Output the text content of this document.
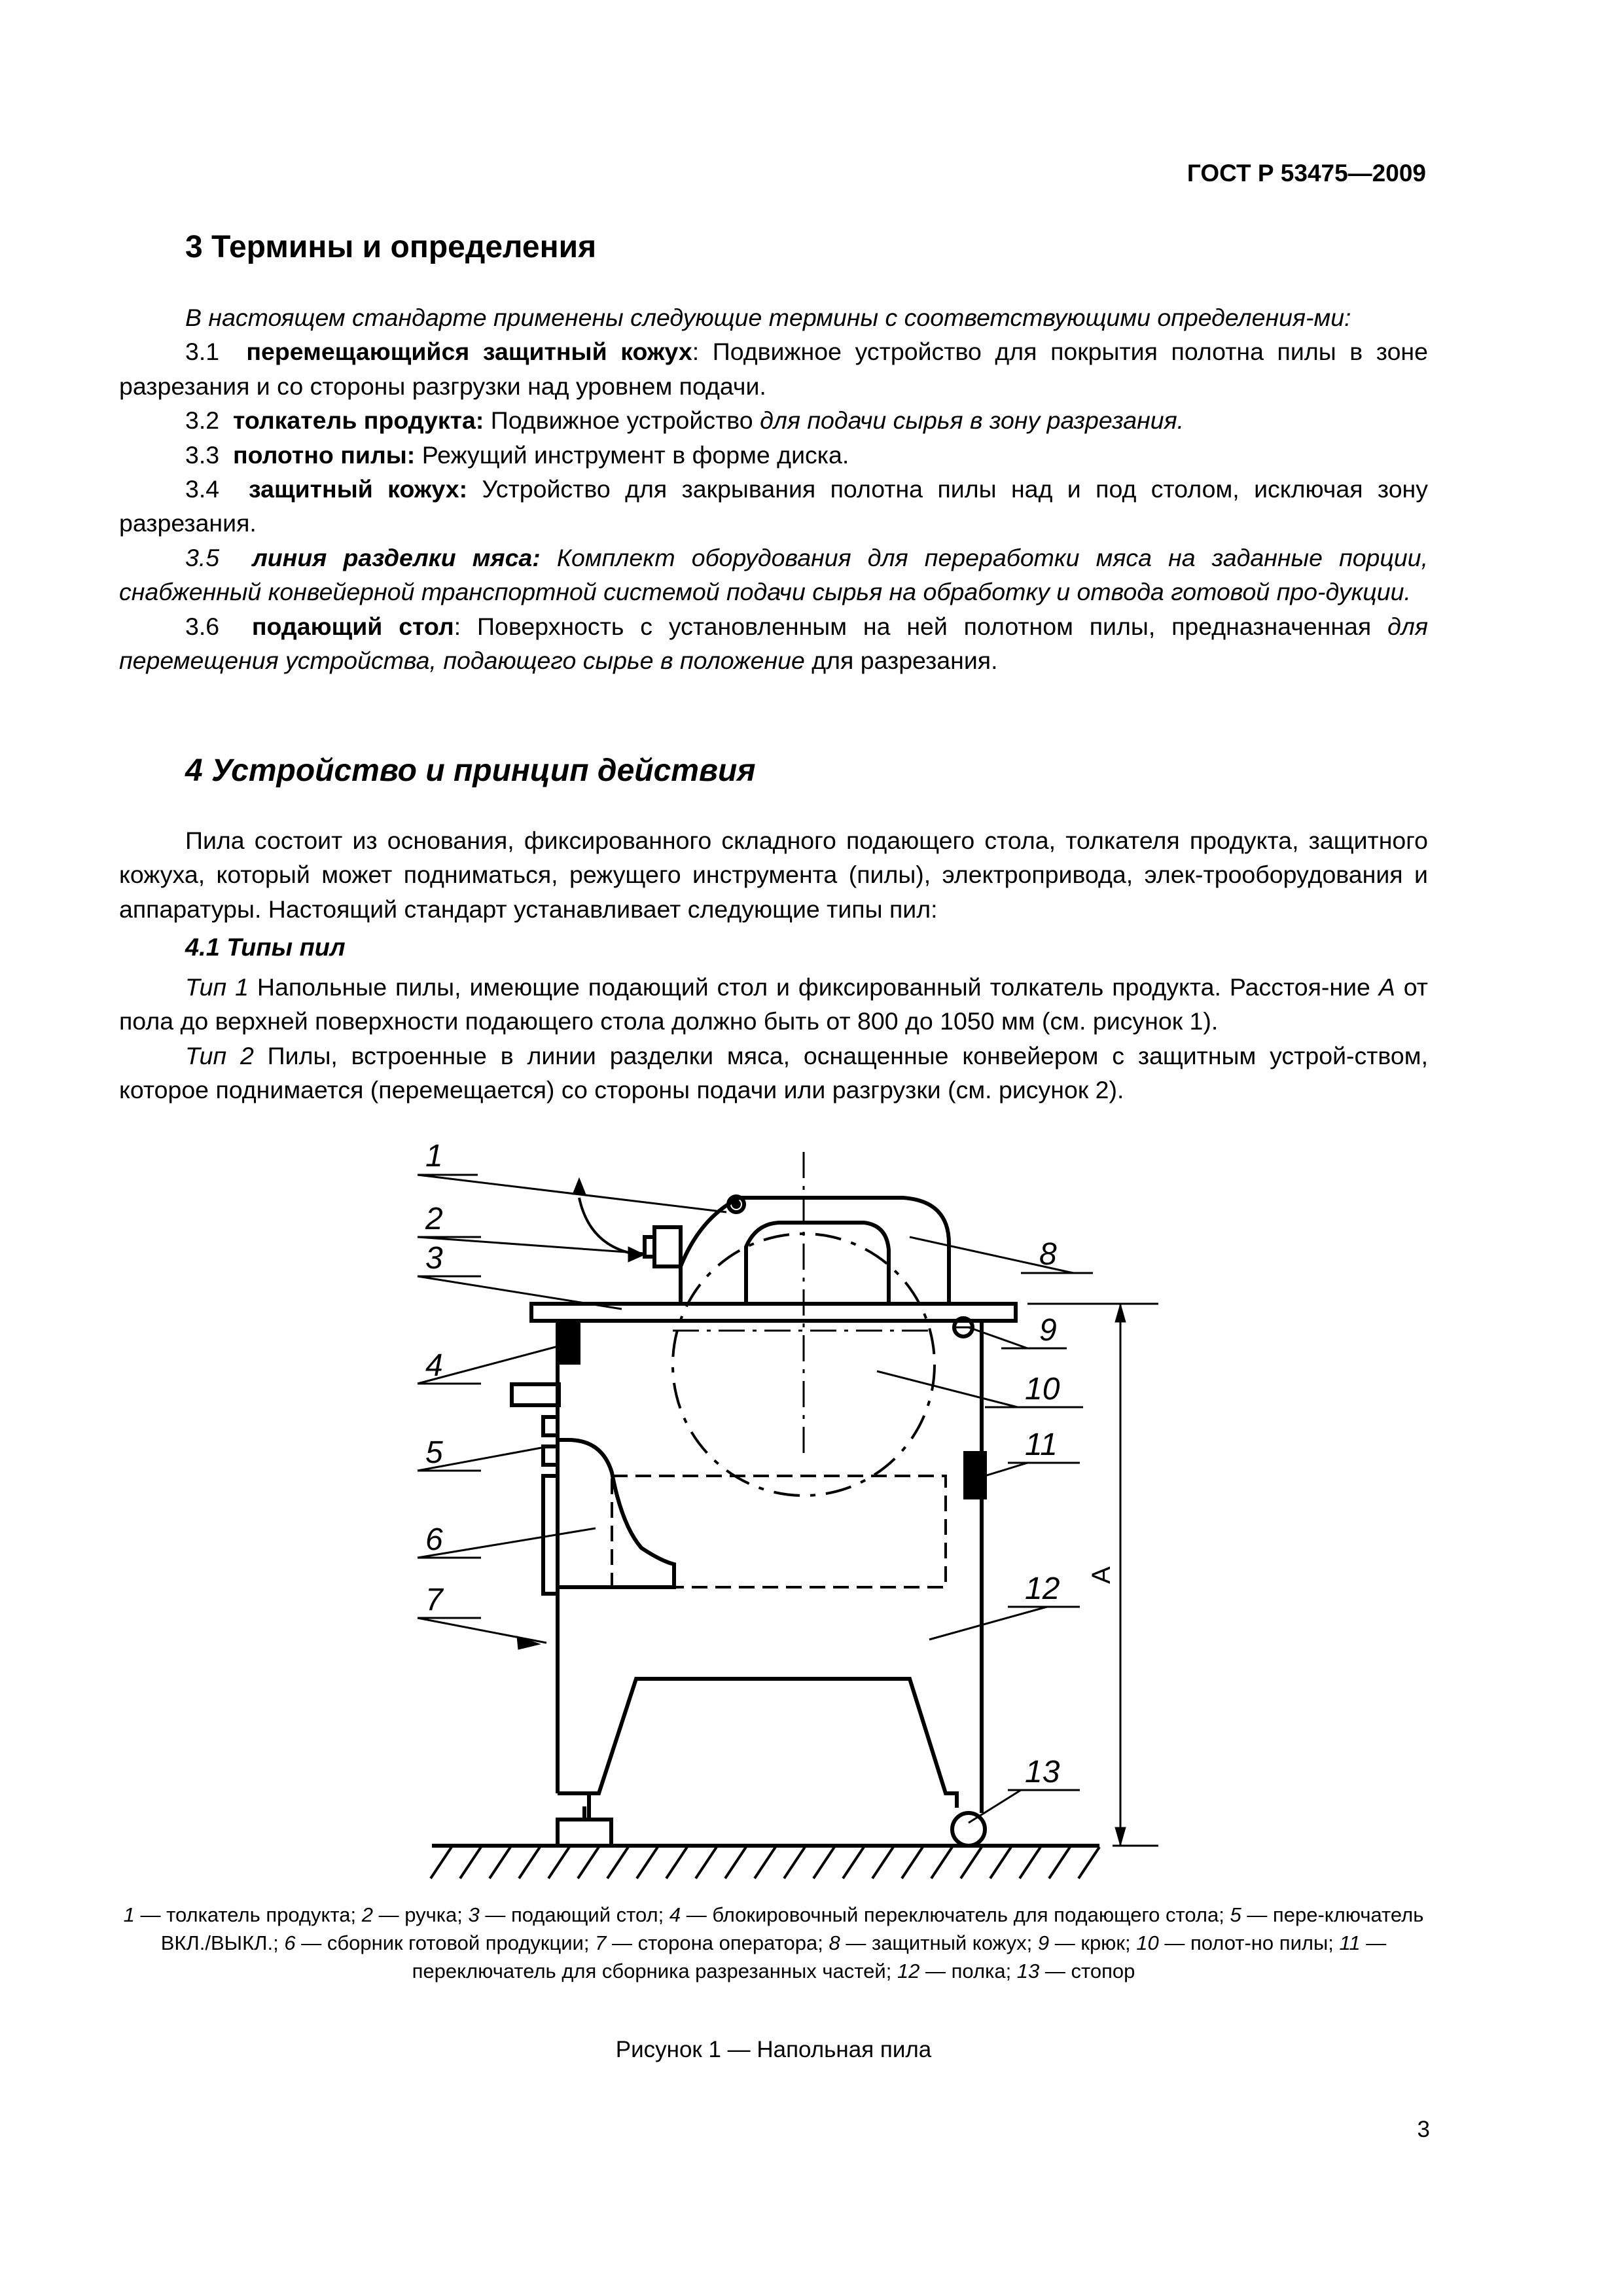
ГОСТ Р 53475—2009
3 Термины и определения

В настоящем стандарте применены следующие термины с соответствующими определения-ми:

3.1 перемещающийся защитный кожух: Подвижное устройство для покрытия полотна пилы в зоне разрезания и со стороны разгрузки над уровнем подачи.

3.2 толкатель продукта: Подвижное устройство для подачи сырья в зону разрезания.

3.3 полотно пилы: Режущий инструмент в форме диска.

3.4 защитный кожух: Устройство для закрывания полотна пилы над и под столом, исключая зону разрезания.

3.5 линия разделки мяса: Комплект оборудования для переработки мяса на заданные порции, снабженный конвейерной транспортной системой подачи сырья на обработку и отвода готовой про-дукции.

3.6 подающий стол: Поверхность с установленным на ней полотном пилы, предназначенная для перемещения устройства, подающего сырье в положение для разрезания.

4 Устройство и принцип действия

Пила состоит из основания, фиксированного складного подающего стола, толкателя продукта, защитного кожуха, который может подниматься, режущего инструмента (пилы), электропривода, элек-трооборудования и аппаратуры. Настоящий стандарт устанавливает следующие типы пил:

4.1 Типы пил

Тип 1 Напольные пилы, имеющие подающий стол и фиксированный толкатель продукта. Расстоя-ние А от пола до верхней поверхности подающего стола должно быть от 800 до 1050 мм (см. рисунок 1).

Тип 2 Пилы, встроенные в линии разделки мяса, оснащенные конвейером с защитным устрой-ством, которое поднимается (перемещается) со стороны подачи или разгрузки (см. рисунок 2).

1
2
3
4
5
6
7
8
9
10
11
12
13
А
1 — толкатель продукта; 2 — ручка; 3 — подающий стол; 4 — блокировочный переключатель для подающего стола; 5 — пере-ключатель ВКЛ./ВЫКЛ.; 6 — сборник готовой продукции; 7 — сторона оператора; 8 — защитный кожух; 9 — крюк; 10 — полот-но пилы; 11 — переключатель для сборника разрезанных частей; 12 — полка; 13 — стопор
Рисунок 1 — Напольная пила
3
